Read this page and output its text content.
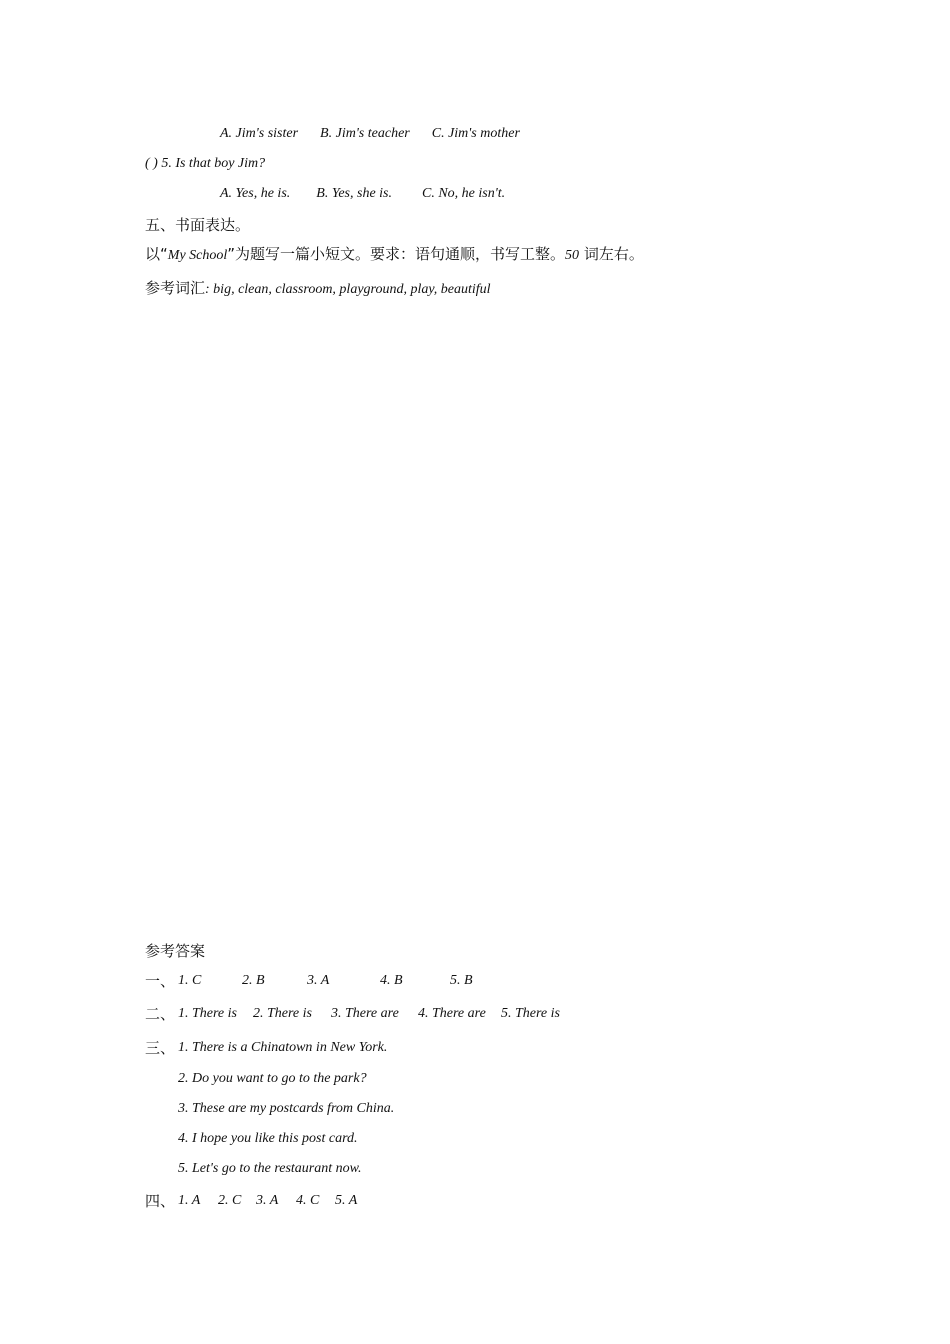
A. Jim's sister B. Jim's teacher C. Jim's mother
( ) 5. Is that boy Jim?
A. Yes, he is. B. Yes, she is. C. No, he isn't.
五、书面表达。
以“My School”为题写一篇小短文。要求：语句通顺，书写工整。50 词左右。
参考词汇: big, clean, classroom, playground, play, beautiful
参考答案
一、 1. C	2. B	3. A	4. B	5. B
二、 1. There is 2. There is 3. There are 4. There are 5. There is
三、 1. There is a Chinatown in New York.
2. Do you want to go to the park?
3. These are my postcards from China.
4. I hope you like this post card.
5. Let's go to the restaurant now.
四、 1. A 2. C 3. A 4. C 5. A
